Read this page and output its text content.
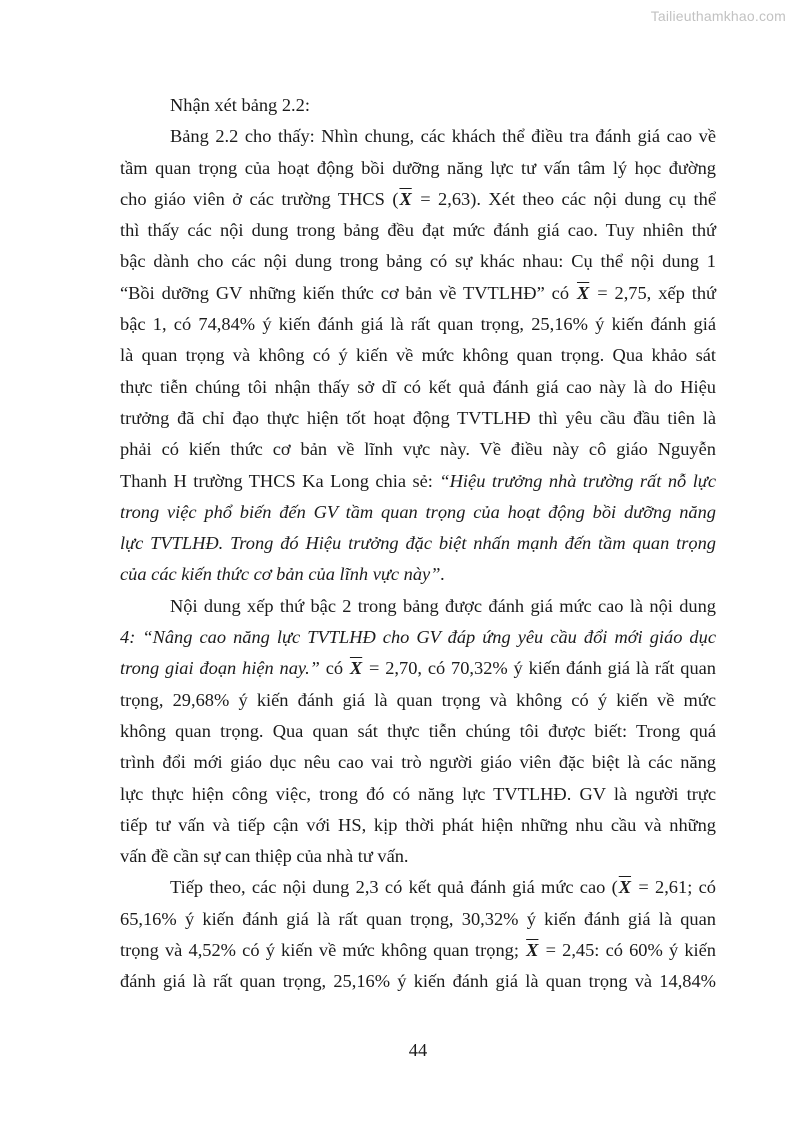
Tailieuthamkhao.com
Nhận xét bảng 2.2:
Bảng 2.2 cho thấy: Nhìn chung, các khách thể điều tra đánh giá cao về
tầm quan trọng của hoạt động bồi dưỡng năng lực tư vấn tâm lý học đường
cho giáo viên ở các trường THCS $(\overline{X} = 2,63)$. Xét theo các nội dung cụ thể
thì thấy các nội dung trong bảng đều đạt mức đánh giá cao. Tuy nhiên thứ
bậc dành cho các nội dung trong bảng có sự khác nhau: Cụ thể nội dung 1
“Bồi dưỡng GV những kiến thức cơ bản về TVTLHĐ” có $\overline{X} = 2,75$, xếp thứ
bậc 1, có 74,84% ý kiến đánh giá là rất quan trọng, 25,16% ý kiến đánh giá
là quan trọng và không có ý kiến về mức không quan trọng. Qua khảo sát
thực tiễn chúng tôi nhận thấy sở dĩ có kết quả đánh giá cao này là do Hiệu
trưởng đã chỉ đạo thực hiện tốt hoạt động TVTLHĐ thì yêu cầu đầu tiên là
phải có kiến thức cơ bản về lĩnh vực này. Về điều này cô giáo Nguyễn
Thanh H trường THCS Ka Long chia sẻ: “Hiệu trưởng nhà trường rất nỗ lực
trong việc phổ biến đến GV tầm quan trọng của hoạt động bồi dưỡng năng
lực TVTLHĐ. Trong đó Hiệu trưởng đặc biệt nhấn mạnh đến tầm quan trọng
của các kiến thức cơ bản của lĩnh vực này”.
Nội dung xếp thứ bậc 2 trong bảng được đánh giá mức cao là nội dung
4: “Nâng cao năng lực TVTLHĐ cho GV đáp ứng yêu cầu đổi mới giáo dục
trong giai đoạn hiện nay.” có $\overline{X} = 2,70$, có 70,32% ý kiến đánh giá là rất quan
trọng, 29,68% ý kiến đánh giá là quan trọng và không có ý kiến về mức
không quan trọng. Qua quan sát thực tiễn chúng tôi được biết: Trong quá
trình đổi mới giáo dục nêu cao vai trò người giáo viên đặc biệt là các năng
lực thực hiện công việc, trong đó có năng lực TVTLHĐ. GV là người trực
tiếp tư vấn và tiếp cận với HS, kịp thời phát hiện những nhu cầu và những
vấn đề cần sự can thiệp của nhà tư vấn.
Tiếp theo, các nội dung 2,3 có kết quả đánh giá mức cao ($\overline{X} = 2,61$; có
65,16% ý kiến đánh giá là rất quan trọng, 30,32% ý kiến đánh giá là quan
trọng và 4,52% có ý kiến về mức không quan trọng; $\overline{X} = 2,45$: có 60% ý kiến
đánh giá là rất quan trọng, 25,16% ý kiến đánh giá là quan trọng và 14,84%
44
